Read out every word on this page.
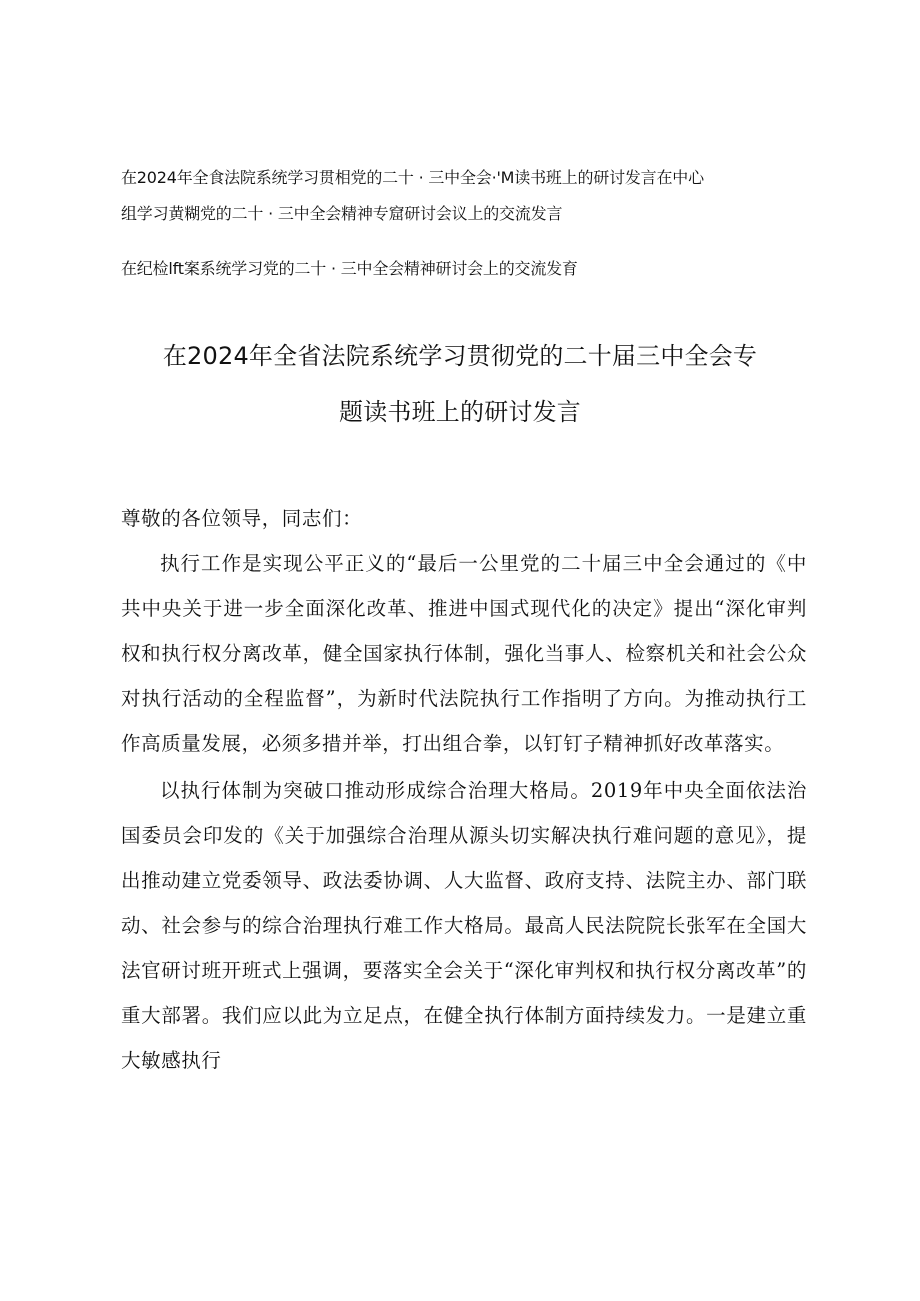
在2024年全食法院系统学习贯相党的二十 · 三中全会·'M读书班上的研讨发言在中心
组学习黄糊党的二十 · 三中全会精神专窟研讨会议上的交流发言
在纪检lft案系统学习党的二十 · 三中全会精神研讨会上的交流发育
在2024年全省法院系统学习贯彻党的二十届三中全会专
题读书班上的研讨发言
尊敬的各位领导，同志们：

执行工作是实现公平正义的“最后一公里党的二十届三中全会通过的《中共中央关于进一步全面深化改革、推进中国式现代化的决定》提出“深化审判权和执行权分离改革，健全国家执行体制，强化当事人、检察机关和社会公众对执行活动的全程监督”，为新时代法院执行工作指明了方向。为推动执行工作高质量发展，必须多措并举，打出组合拳，以钉钉子精神抓好改革落实。

以执行体制为突破口推动形成综合治理大格局。2019年中央全面依法治国委员会印发的《关于加强综合治理从源头切实解决执行难问题的意见》，提出推动建立党委领导、政法委协调、人大监督、政府支持、法院主办、部门联动、社会参与的综合治理执行难工作大格局。最高人民法院院长张军在全国大法官研讨班开班式上强调，要落实全会关于“深化审判权和执行权分离改革”的重大部署。我们应以此为立足点，在健全执行体制方面持续发力。一是建立重大敏感执行
